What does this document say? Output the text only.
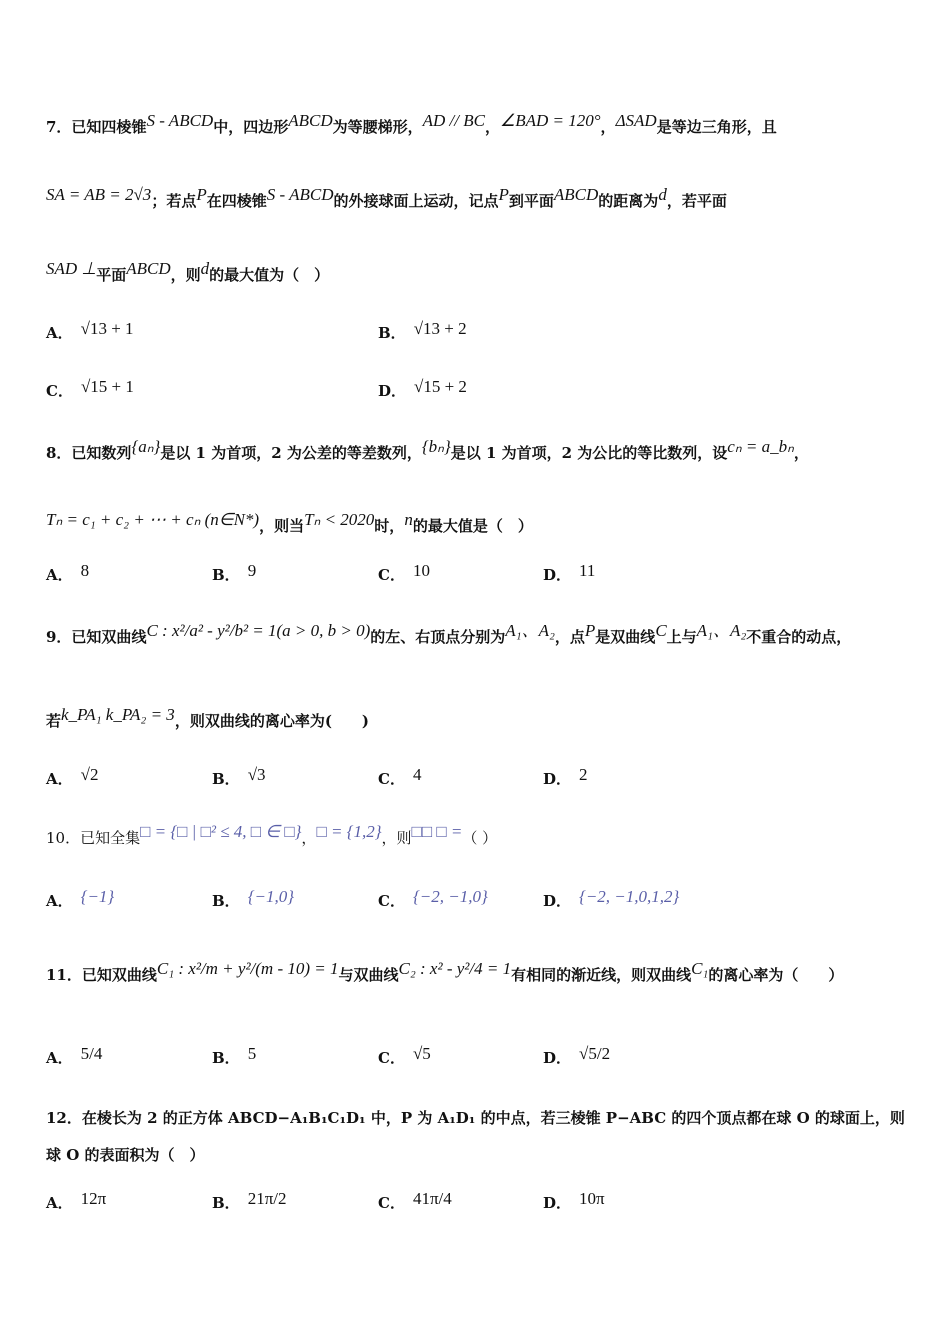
7．已知四棱锥S - ABCD中，四边形ABCD为等腰梯形，AD // BC，∠BAD = 120°，ΔSAD是等边三角形，且
SA = AB = 2√3；若点P在四棱锥S - ABCD的外接球面上运动，记点P到平面ABCD的距离为d，若平面
SAD ⊥平面ABCD，则d的最大值为（　）
A． √13 + 1	B． √13 + 2
C． √15 + 1	D． √15 + 2
8．已知数列{aₙ}是以 1 为首项，2 为公差的等差数列，{bₙ}是以 1 为首项，2 为公比的等比数列，设cₙ = a_bₙ，
Tₙ = c₁ + c₂ + ⋯ + cₙ (n∈N*)，则当Tₙ < 2020时，n的最大值是（　）
A． 8	B． 9	C． 10	D． 11
9．已知双曲线C : x²/a² - y²/b² = 1(a > 0, b > 0)的左、右顶点分别为A₁、A₂，点P是双曲线C上与A₁、A₂不重合的动点，
若k_PA₁ k_PA₂ = 3，则双曲线的离心率为(　　)
A． √2	B． √3	C． 4	D． 2
10．已知全集□ = {□ | □² ≤ 4, □ ∈ □}，□ = {1,2}，则□□ □ =（ ）
A． {−1}	B． {−1,0}	C． {−2, −1,0}	D． {−2, −1,0,1,2}
11．已知双曲线C₁ : x²/m + y²/(m - 10) = 1与双曲线C₂ : x² - y²/4 = 1有相同的渐近线，则双曲线C₁的离心率为（　　）
A． 5/4	B． 5	C． √5	D． √5/2
12．在棱长为 2 的正方体 ABCD−A₁B₁C₁D₁ 中，P 为 A₁D₁ 的中点，若三棱锥 P−ABC 的四个顶点都在球 O 的球面上，则
球 O 的表面积为（　）
A． 12π	B． 21π/2	C． 41π/4	D． 10π
